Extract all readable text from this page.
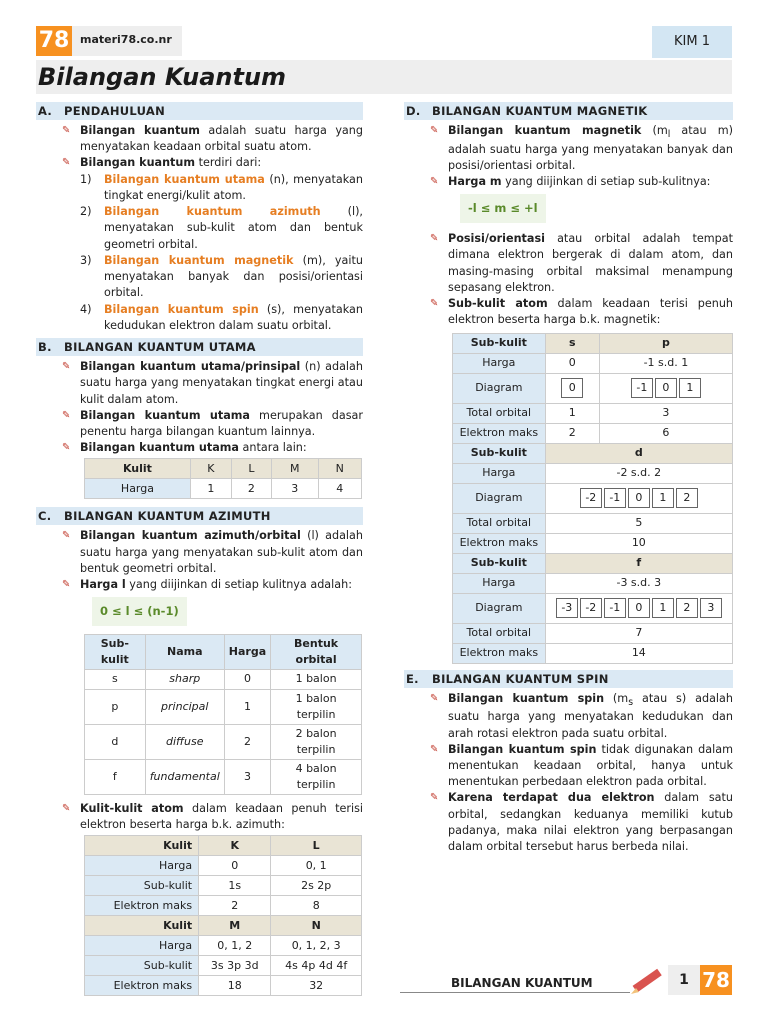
78 materi78.co.nr	KIM 1
Bilangan Kuantum
A.	PENDAHULUAN
✎ Bilangan kuantum adalah suatu harga yang menyatakan keadaan orbital suatu atom.
✎ Bilangan kuantum terdiri dari:
1)	Bilangan kuantum utama (n), menyatakan tingkat energi/kulit atom.
2)	Bilangan kuantum azimuth (l), menyatakan sub-kulit atom dan bentuk geometri orbital.
3)	Bilangan kuantum magnetik (m), yaitu menyatakan banyak dan posisi/orientasi orbital.
4)	Bilangan kuantum spin (s), menyatakan kedudukan elektron dalam suatu orbital.
B.	BILANGAN KUANTUM UTAMA
✎ Bilangan kuantum utama/prinsipal (n) adalah suatu harga yang menyatakan tingkat energi atau kulit dalam atom.
✎ Bilangan kuantum utama merupakan dasar penentu harga bilangan kuantum lainnya.
✎ Bilangan kuantum utama antara lain:
Kulit	K	L	M	N
Harga	1	2	3	4
C.	BILANGAN KUANTUM AZIMUTH
✎ Bilangan kuantum azimuth/orbital (l) adalah suatu harga yang menyatakan sub-kulit atom dan bentuk geometri orbital.
✎ Harga l yang diijinkan di setiap kulitnya adalah:
0 ≤ l ≤ (n-1)
Sub-kulit	Nama	Harga	Bentuk orbital
s	sharp	0	1 balon
p	principal	1	1 balon terpilin
d	diffuse	2	2 balon terpilin
f	fundamental	3	4 balon terpilin
✎ Kulit-kulit atom dalam keadaan penuh terisi elektron beserta harga b.k. azimuth:
Kulit	K	L
Harga	0	0, 1
Sub-kulit	1s	2s 2p
Elektron maks	2	8
Kulit	M	N
Harga	0, 1, 2	0, 1, 2, 3
Sub-kulit	3s 3p 3d	4s 4p 4d 4f
Elektron maks	18	32
D. BILANGAN KUANTUM MAGNETIK
✎ Bilangan kuantum magnetik ($m_l$ atau m) adalah suatu harga yang menyatakan banyak dan posisi/orientasi orbital.
✎ Harga m yang diijinkan di setiap sub-kulitnya:
-l ≤ m ≤ +l
✎ Posisi/orientasi atau orbital adalah tempat dimana elektron bergerak di dalam atom, dan masing-masing orbital maksimal menampung sepasang elektron.
✎ Sub-kulit atom dalam keadaan terisi penuh elektron beserta harga b.k. magnetik:
Sub-kulit	s	p
Harga	0	-1 s.d. 1
Diagram	0	-1 0 1
Total orbital	1	3
Elektron maks	2	6
Sub-kulit	d	
Harga	-2 s.d. 2	
Diagram	-2 -1 0 1 2	
Total orbital	5	
Elektron maks	10	
Sub-kulit	f	
Harga	-3 s.d. 3	
Diagram	-3 -2 -1 0 1 2 3	
Total orbital	7	
Elektron maks	14	
E.	BILANGAN KUANTUM SPIN
✎ Bilangan kuantum spin ($m_s$ atau s) adalah suatu harga yang menyatakan kedudukan dan arah rotasi elektron pada suatu orbital.
✎ Bilangan kuantum spin tidak digunakan dalam menentukan keadaan orbital, hanya untuk menentukan perbedaan elektron pada orbital.
✎ Karena terdapat dua elektron dalam satu orbital, sedangkan keduanya memiliki kutub padanya, maka nilai elektron yang berpasangan dalam orbital tersebut harus berbeda nilai.
BILANGAN KUANTUM	1 78
